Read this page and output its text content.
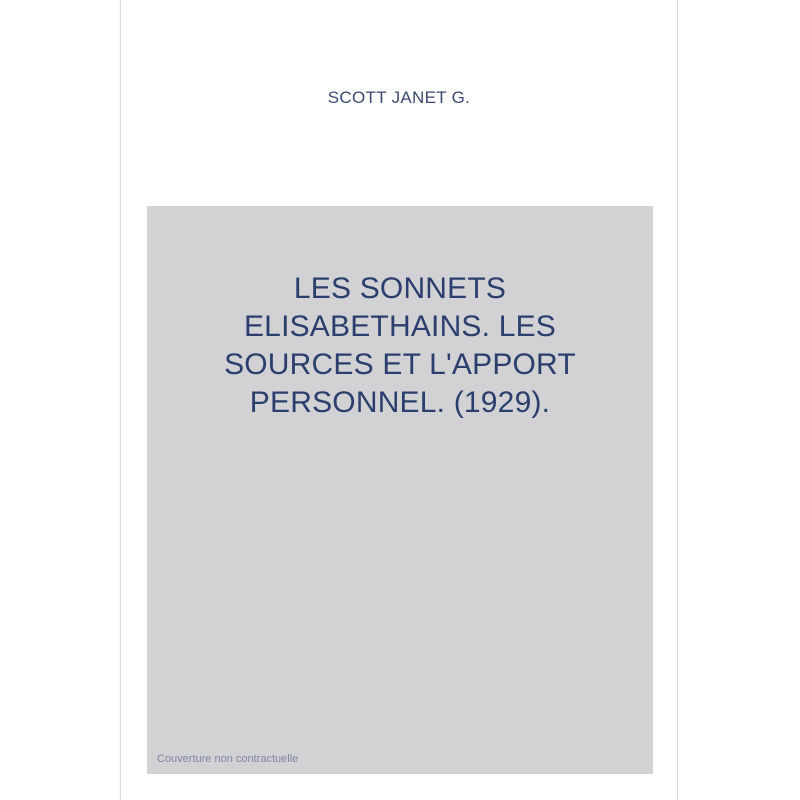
SCOTT JANET G.
LES SONNETS
ELISABETHAINS. LES
SOURCES ET L'APPORT
PERSONNEL. (1929).
Couverture non contractuelle
